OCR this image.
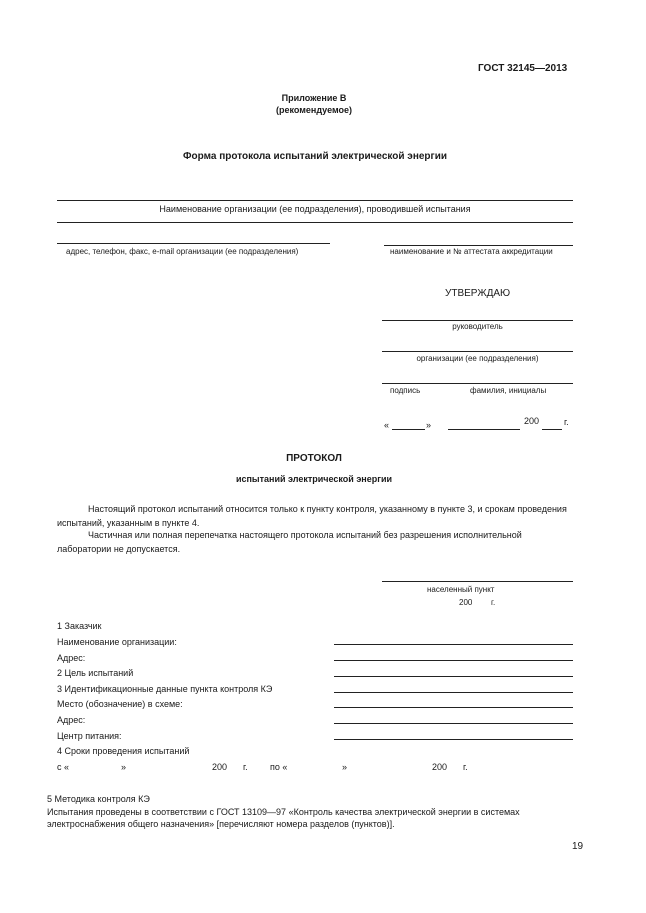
ГОСТ 32145—2013
Приложение В
(рекомендуемое)
Форма протокола испытаний электрической энергии
Наименование организации (ее подразделения), проводившей испытания
адрес, телефон, факс, e-mail организации (ее подразделения)	наименование и № аттестата аккредитации
УТВЕРЖДАЮ
руководитель
организации (ее подразделения)
подпись	фамилия, инициалы
«	»	200	г.
ПРОТОКОЛ
испытаний электрической энергии
Настоящий протокол испытаний относится только к пункту контроля, указанному в пункте 3, и срокам проведения испытаний, указанным в пункте 4.
Частичная или полная перепечатка настоящего протокола испытаний без разрешения исполнительной лаборатории не допускается.
населенный пункт
200 г.
1 Заказчик
Наименование организации:
Адрес:
2 Цель испытаний
3 Идентификационные данные пункта контроля КЭ
Место (обозначение) в схеме:
Адрес:
Центр питания:
4 Сроки проведения испытаний
с «	»	200 г. по «	»	200 г.
5 Методика контроля КЭ
Испытания проведены в соответствии с ГОСТ 13109—97 «Контроль качества электрической энергии в системах электроснабжения общего назначения» [перечисляют номера разделов (пунктов)].
19
